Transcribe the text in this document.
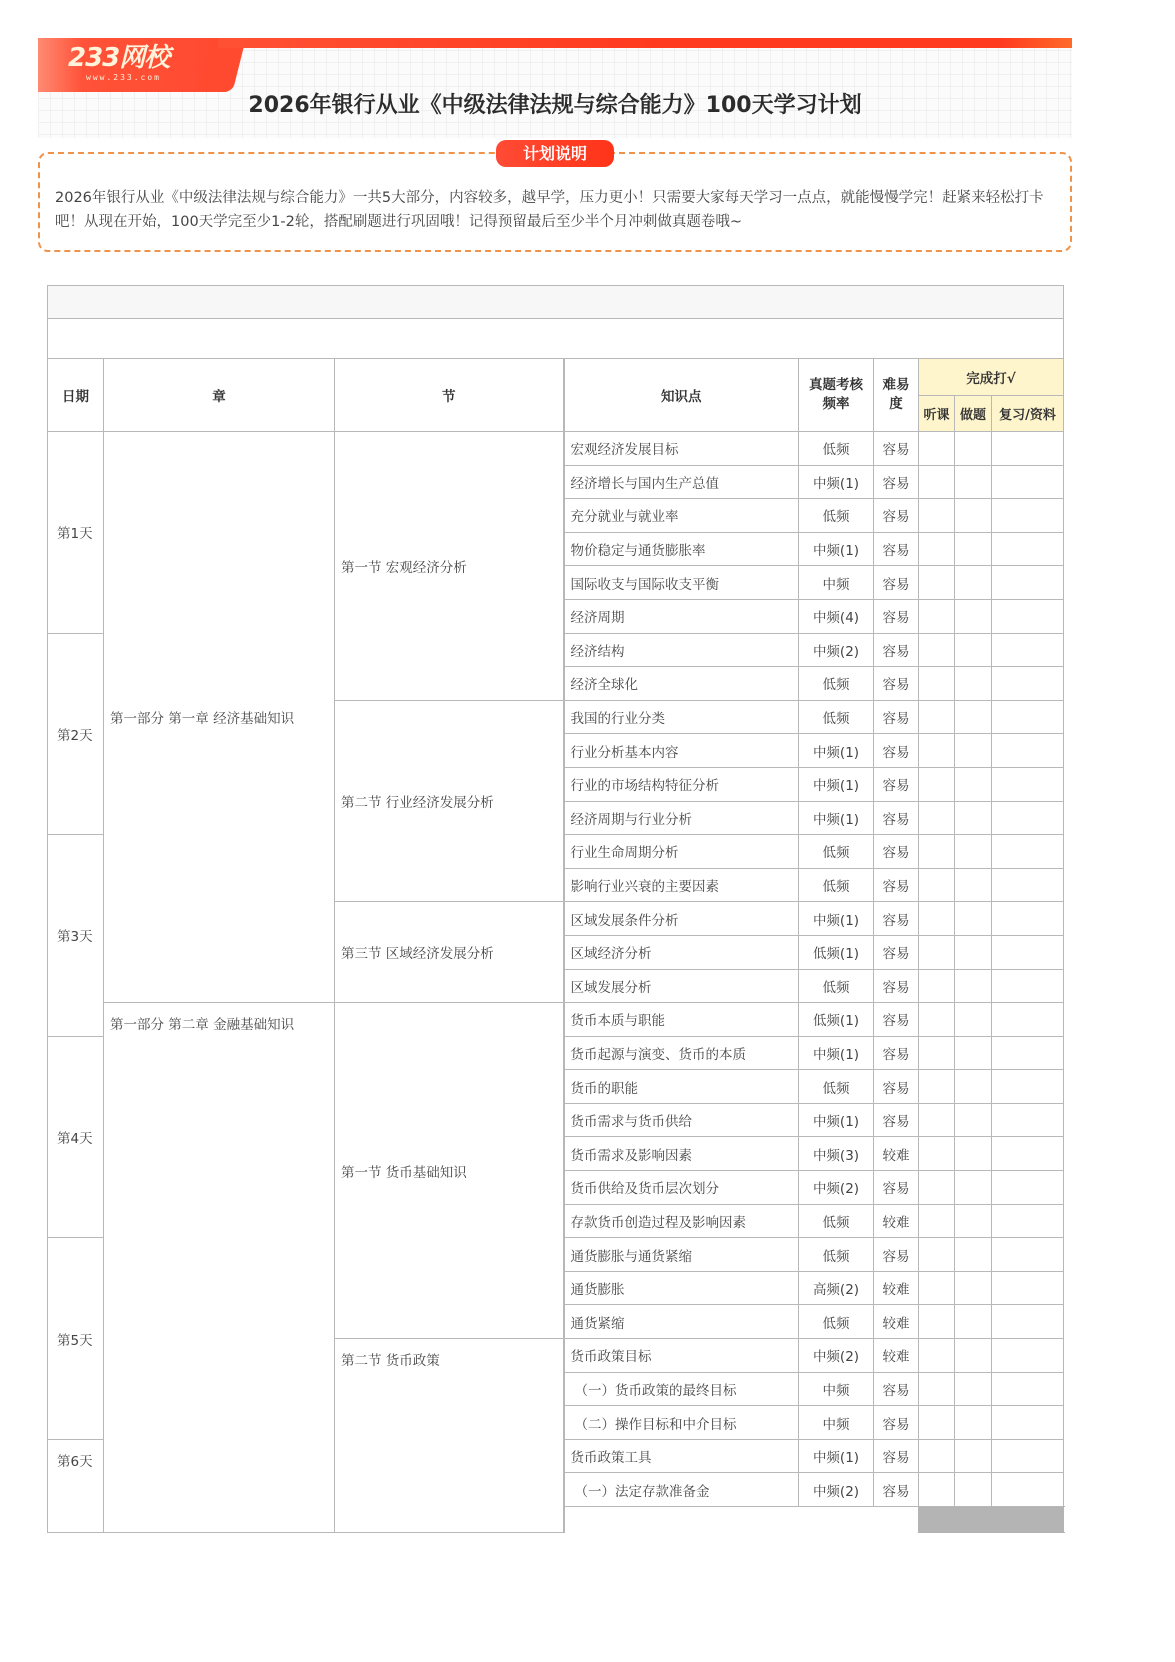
233网校
www.233.com
2026年银行从业《中级法律法规与综合能力》100天学习计划
计划说明
2026年银行从业《中级法律法规与综合能力》一共5大部分，内容较多，越早学，压力更小！只需要大家每天学习一点点，就能慢慢学完！赶紧来轻松打卡吧！从现在开始，100天学完至少1-2轮，搭配刷题进行巩固哦！记得预留最后至少半个月冲刺做真题卷哦~

日期	章	节	知识点	真题考核频率	难易度	完成打√		
						听课	做题	复习/资料
第1天	第一部分 第一章 经济基础知识	第一节 宏观经济分析	宏观经济发展目标	低频	容易			
			经济增长与国内生产总值	中频(1)	容易			
			充分就业与就业率	低频	容易			
			物价稳定与通货膨胀率	中频(1)	容易			
			国际收支与国际收支平衡	中频	容易			
			经济周期	中频(4)	容易			
第2天			经济结构	中频(2)	容易			
			经济全球化	低频	容易			
		第二节 行业经济发展分析	我国的行业分类	低频	容易			
			行业分析基本内容	中频(1)	容易			
			行业的市场结构特征分析	中频(1)	容易			
			经济周期与行业分析	中频(1)	容易			
第3天			行业生命周期分析	低频	容易			
			影响行业兴衰的主要因素	低频	容易			
		第三节 区域经济发展分析	区域发展条件分析	中频(1)	容易			
			区域经济分析	低频(1)	容易			
			区域发展分析	低频	容易			
	第一部分 第二章 金融基础知识	第一节 货币基础知识	货币本质与职能	低频(1)	容易			
第4天			货币起源与演变、货币的本质	中频(1)	容易			
			货币的职能	低频	容易			
			货币需求与货币供给	中频(1)	容易			
			货币需求及影响因素	中频(3)	较难			
			货币供给及货币层次划分	中频(2)	容易			
			存款货币创造过程及影响因素	低频	较难			
第5天			通货膨胀与通货紧缩	低频	容易			
			通货膨胀	高频(2)	较难			
			通货紧缩	低频	较难			
		第二节 货币政策	货币政策目标	中频(2)	较难			
			（一）货币政策的最终目标	中频	容易			
			（二）操作目标和中介目标	中频	容易			
第6天			货币政策工具	中频(1)	容易			
			（一）法定存款准备金	中频(2)	容易			
